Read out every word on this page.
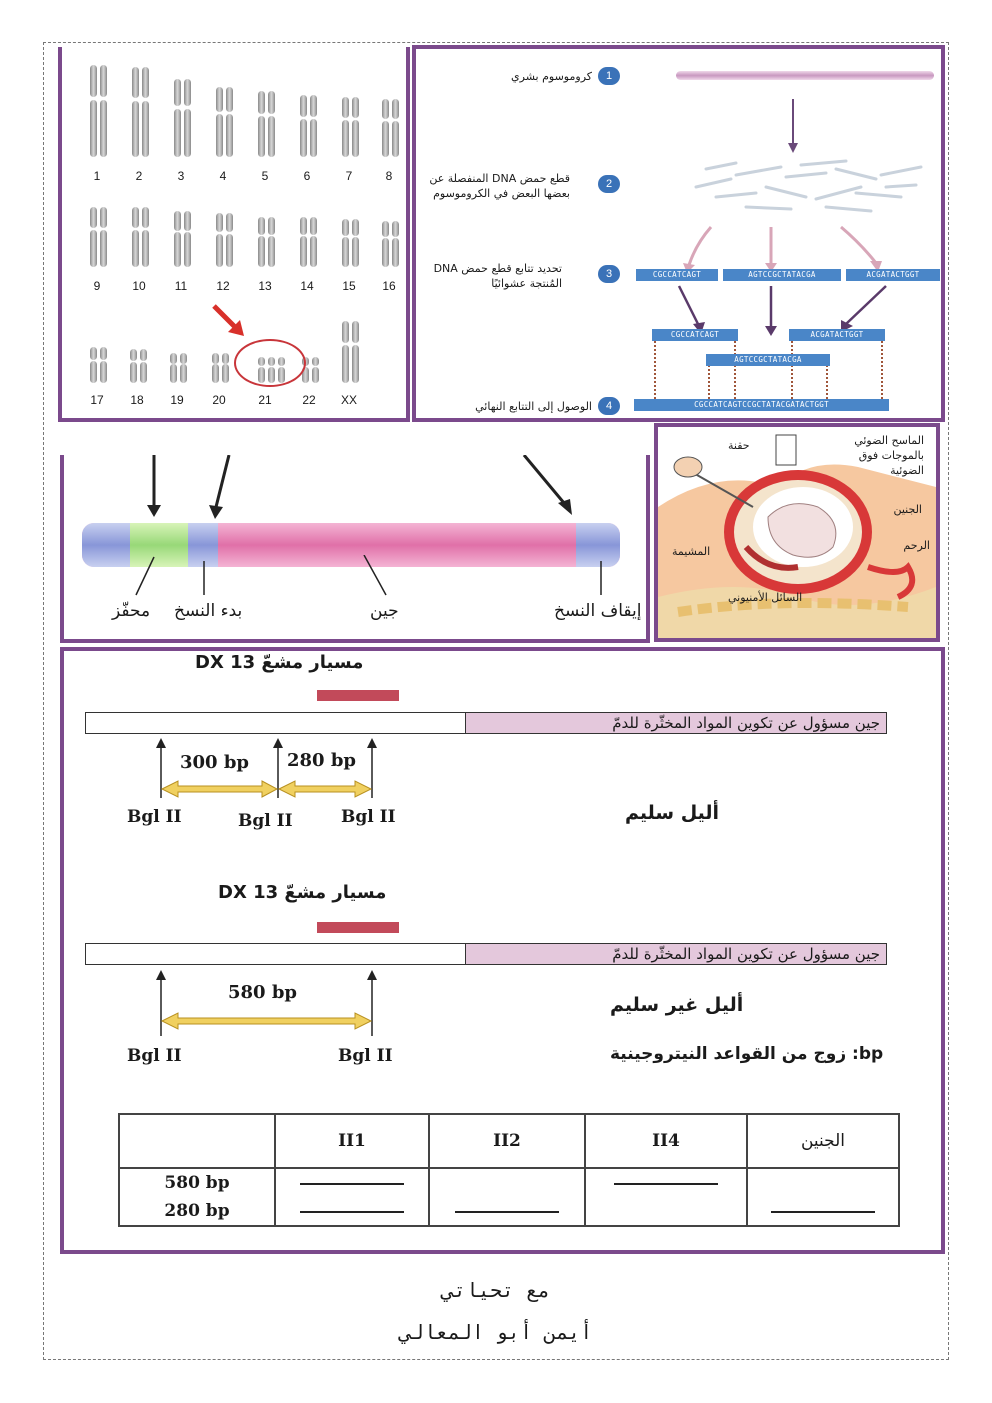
1	2	3	4	5	6	7	8
9	10	11	12	13	14	15	16
17	18	19	20	21	22	XX
CGCCATCAGT	AGTCCGCTATACGA	ACGATACTGGT
CGCCATCAGT	ACGATACTGGT
AGTCCGCTATACGA
CGCCATCAGTCCGCTATACGATACTGGT
1
كروموسوم بشري
2
قطع حمض DNA المنفصلة عن بعضها البعض في الكروموسوم
3
تحديد تتابع قطع حمض DNA المُنتجة عشوائيًا
4
الوصول إلى التتابع النهائي
محفّز بدء النسخ	جين	إيقاف النسخ
الماسح الضوئي بالموجات فوق الضوئية
حقنة
الجنين
الرحم
المشيمة
السائل الأمنيوني
مسيار مشعّ DX 13
جين مسؤول عن تكوين المواد المخثّرة للدمّ
300 bp 280 bp
Bgl II	Bgl II	Bgl II	أليل سليم
مسيار مشعّ DX 13
جين مسؤول عن تكوين المواد المخثّرة للدمّ
580 bp
Bgl II	Bgl II
أليل غير سليم
bp: زوج من القواعد النيتروجينية
	II1	II2	II4	الجنين
580 bp				
280 bp				
مع تحياتي
أيمن أبو المعالي
